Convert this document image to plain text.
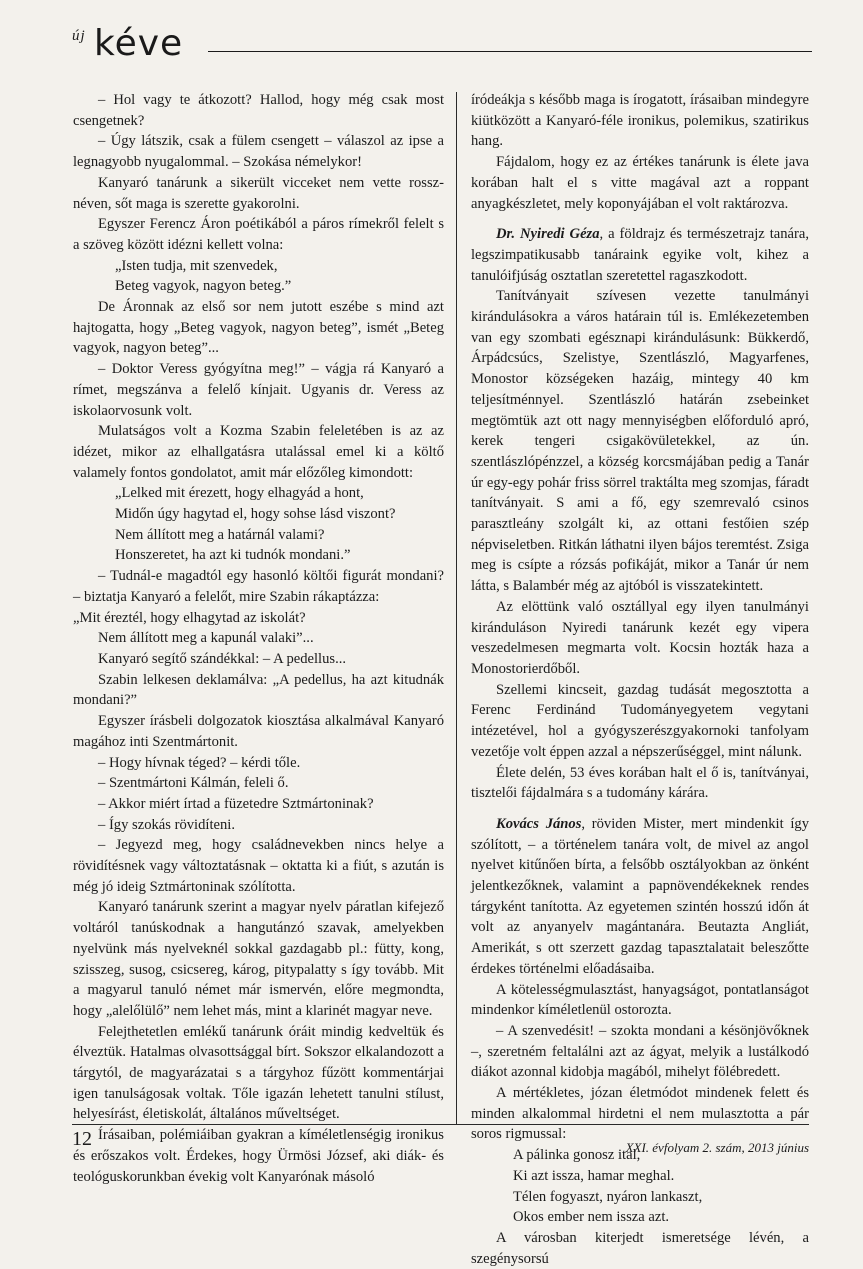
új kéve

– Hol vagy te átkozott? Hallod, hogy még csak most csengetnek?

– Úgy látszik, csak a fülem csengett – válaszol az ipse a legnagyobb nyugalommal. – Szokása némelykor!

Kanyaró tanárunk a sikerült vicceket nem vette rossz-néven, sőt maga is szerette gyakorolni.

Egyszer Ferencz Áron poétikából a páros rímekről felelt s a szöveg között idézni kellett volna:

„Isten tudja, mit szenvedek,

Beteg vagyok, nagyon beteg.”

De Áronnak az első sor nem jutott eszébe s mind azt hajtogatta, hogy „Beteg vagyok, nagyon beteg”, ismét „Beteg vagyok, nagyon beteg”...

– Doktor Veress gyógyítna meg!” – vágja rá Kanyaró a rímet, megszánva a felelő kínjait. Ugyanis dr. Veress az iskolaorvosunk volt.

Mulatságos volt a Kozma Szabin feleletében is az az idézet, mikor az elhallgatásra utalással emel ki a költő valamely fontos gondolatot, amit már előzőleg kimondott:

„Lelked mit érezett, hogy elhagyád a hont,

Midőn úgy hagytad el, hogy sohse lásd viszont?

Nem állított meg a határnál valami?

Honszeretet, ha azt ki tudnók mondani.”

– Tudnál-e magadtól egy hasonló költői figurát mondani? – biztatja Kanyaró a felelőt, mire Szabin rákaptázza:

„Mit éreztél, hogy elhagytad az iskolát?

Nem állított meg a kapunál valaki”...

Kanyaró segítő szándékkal: – A pedellus...

Szabin lelkesen deklamálva: „A pedellus, ha azt kitudnák mondani?”

Egyszer írásbeli dolgozatok kiosztása alkalmával Kanyaró magához inti Szentmártonit.

– Hogy hívnak téged? – kérdi tőle.

– Szentmártoni Kálmán, feleli ő.

– Akkor miért írtad a füzetedre Sztmártoninak?

– Így szokás rövidíteni.

– Jegyezd meg, hogy családnevekben nincs helye a rövidítésnek vagy változtatásnak – oktatta ki a fiút, s azután is még jó ideig Sztmártoninak szólította.

Kanyaró tanárunk szerint a magyar nyelv páratlan kifejező voltáról tanúskodnak a hangutánzó szavak, amelyekben nyelvünk más nyelveknél sokkal gazdagabb pl.: fütty, kong, szisszeg, susog, csicsereg, károg, pitypalatty s így tovább. Mit a magyarul tanuló német már ismervén, előre megmondta, hogy „alelőlülő” nem lehet más, mint a klarinét magyar neve.

Felejthetetlen emlékű tanárunk óráit mindig kedveltük és élveztük. Hatalmas olvasottsággal bírt. Sokszor elkalandozott a tárgytól, de magyarázatai s a tárgyhoz fűzött kommentárjai igen tanulságosak voltak. Tőle igazán lehetett tanulni stílust, helyesírást, életiskolát, általános műveltséget.

Írásaiban, polémiáiban gyakran a kíméletlenségig ironikus és erőszakos volt. Érdekes, hogy Ürmösi József, aki diák- és teológuskorunkban évekig volt Kanyarónak másoló

íródeákja s később maga is írogatott, írásaiban mindegyre kiütközött a Kanyaró-féle ironikus, polemikus, szatirikus hang.

Fájdalom, hogy ez az értékes tanárunk is élete java korában halt el s vitte magával azt a roppant anyagkészletet, mely koponyájában el volt raktározva.

Dr. Nyiredi Géza, a földrajz és természetrajz tanára, legszimpatikusabb tanáraink egyike volt, kihez a tanulóifjúság osztatlan szeretettel ragaszkodott.

Tanítványait szívesen vezette tanulmányi kirándulásokra a város határain túl is. Emlékezetemben van egy szombati egésznapi kirándulásunk: Bükkerdő, Árpádcsúcs, Szelistye, Szentlászló, Magyarfenes, Monostor községeken hazáig, mintegy 40 km teljesítménnyel. Szentlászló határán zsebeinket megtömtük azt ott nagy mennyiségben előforduló apró, kerek tengeri csigakövületekkel, az ún. szentlászlópénzzel, a község korcsmájában pedig a Tanár úr egy-egy pohár friss sörrel traktálta meg szomjas, fáradt tanítványait. S ami a fő, egy szemrevaló csinos parasztleány szolgált ki, az ottani festőien szép népviseletben. Ritkán láthatni ilyen bájos teremtést. Zsiga meg is csípte a rózsás pofikáját, mikor a Tanár úr nem látta, s Balambér még az ajtóból is visszatekintett.

Az elöttünk való osztállyal egy ilyen tanulmányi kiránduláson Nyiredi tanárunk kezét egy vipera veszedelmesen megmarta volt. Kocsin hozták haza a Monostorierdőből.

Szellemi kincseit, gazdag tudását megosztotta a Ferenc Ferdinánd Tudományegyetem vegytani intézetével, hol a gyógyszerészgyakornoki tanfolyam vezetője volt éppen azzal a népszerűséggel, mint nálunk.

Élete delén, 53 éves korában halt el ő is, tanítványai, tisztelői fájdalmára s a tudomány kárára.

Kovács János, röviden Mister, mert mindenkit így szólított, – a történelem tanára volt, de mivel az angol nyelvet kitűnően bírta, a felsőbb osztályokban az önként jelentkezőknek, valamint a papnövendékeknek rendes tárgyként tanította. Az egyetemen szintén hosszú időn át volt az anyanyelv magántanára. Beutazta Angliát, Amerikát, s ott szerzett gazdag tapasztalatait beleszőtte érdekes történelmi előadásaiba.

A kötelességmulasztást, hanyagságot, pontatlanságot mindenkor kíméletlenül ostorozta.

– A szenvedésit! – szokta mondani a késönjövőknek –, szeretném feltalálni azt az ágyat, melyik a lustálkodó diákot azonnal kidobja magából, mihelyt fölébredett.

A mértékletes, józan életmódot mindenek felett és minden alkalommal hirdetni el nem mulasztotta a pár soros rigmussal:

A pálinka gonosz ital,

Ki azt issza, hamar meghal.

Télen fogyaszt, nyáron lankaszt,

Okos ember nem issza azt.

A városban kiterjedt ismeretsége lévén, a szegénysorsú

12	XXI. évfolyam 2. szám, 2013 június
